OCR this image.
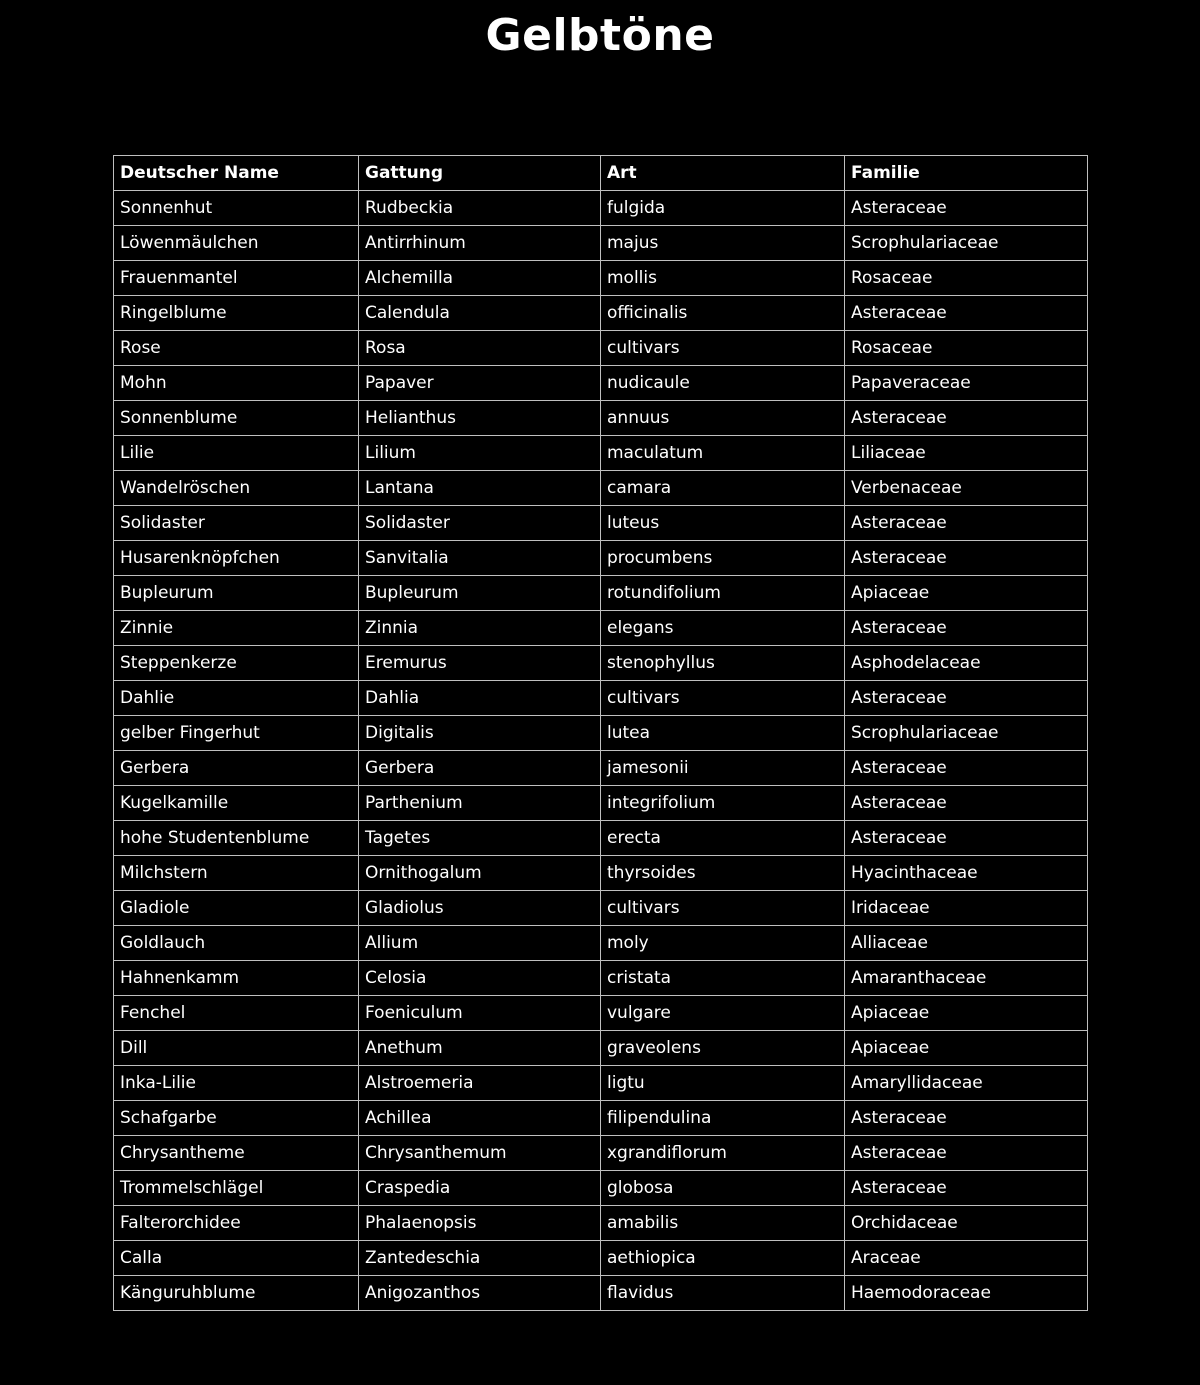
Gelbtöne
Deutscher Name	Gattung	Art	Familie
Sonnenhut	Rudbeckia	fulgida	Asteraceae
Löwenmäulchen	Antirrhinum	majus	Scrophulariaceae
Frauenmantel	Alchemilla	mollis	Rosaceae
Ringelblume	Calendula	officinalis	Asteraceae
Rose	Rosa	cultivars	Rosaceae
Mohn	Papaver	nudicaule	Papaveraceae
Sonnenblume	Helianthus	annuus	Asteraceae
Lilie	Lilium	maculatum	Liliaceae
Wandelröschen	Lantana	camara	Verbenaceae
Solidaster	Solidaster	luteus	Asteraceae
Husarenknöpfchen	Sanvitalia	procumbens	Asteraceae
Bupleurum	Bupleurum	rotundifolium	Apiaceae
Zinnie	Zinnia	elegans	Asteraceae
Steppenkerze	Eremurus	stenophyllus	Asphodelaceae
Dahlie	Dahlia	cultivars	Asteraceae
gelber Fingerhut	Digitalis	lutea	Scrophulariaceae
Gerbera	Gerbera	jamesonii	Asteraceae
Kugelkamille	Parthenium	integrifolium	Asteraceae
hohe Studentenblume	Tagetes	erecta	Asteraceae
Milchstern	Ornithogalum	thyrsoides	Hyacinthaceae
Gladiole	Gladiolus	cultivars	Iridaceae
Goldlauch	Allium	moly	Alliaceae
Hahnenkamm	Celosia	cristata	Amaranthaceae
Fenchel	Foeniculum	vulgare	Apiaceae
Dill	Anethum	graveolens	Apiaceae
Inka-Lilie	Alstroemeria	ligtu	Amaryllidaceae
Schafgarbe	Achillea	filipendulina	Asteraceae
Chrysantheme	Chrysanthemum	xgrandiflorum	Asteraceae
Trommelschlägel	Craspedia	globosa	Asteraceae
Falterorchidee	Phalaenopsis	amabilis	Orchidaceae
Calla	Zantedeschia	aethiopica	Araceae
Känguruhblume	Anigozanthos	flavidus	Haemodoraceae
